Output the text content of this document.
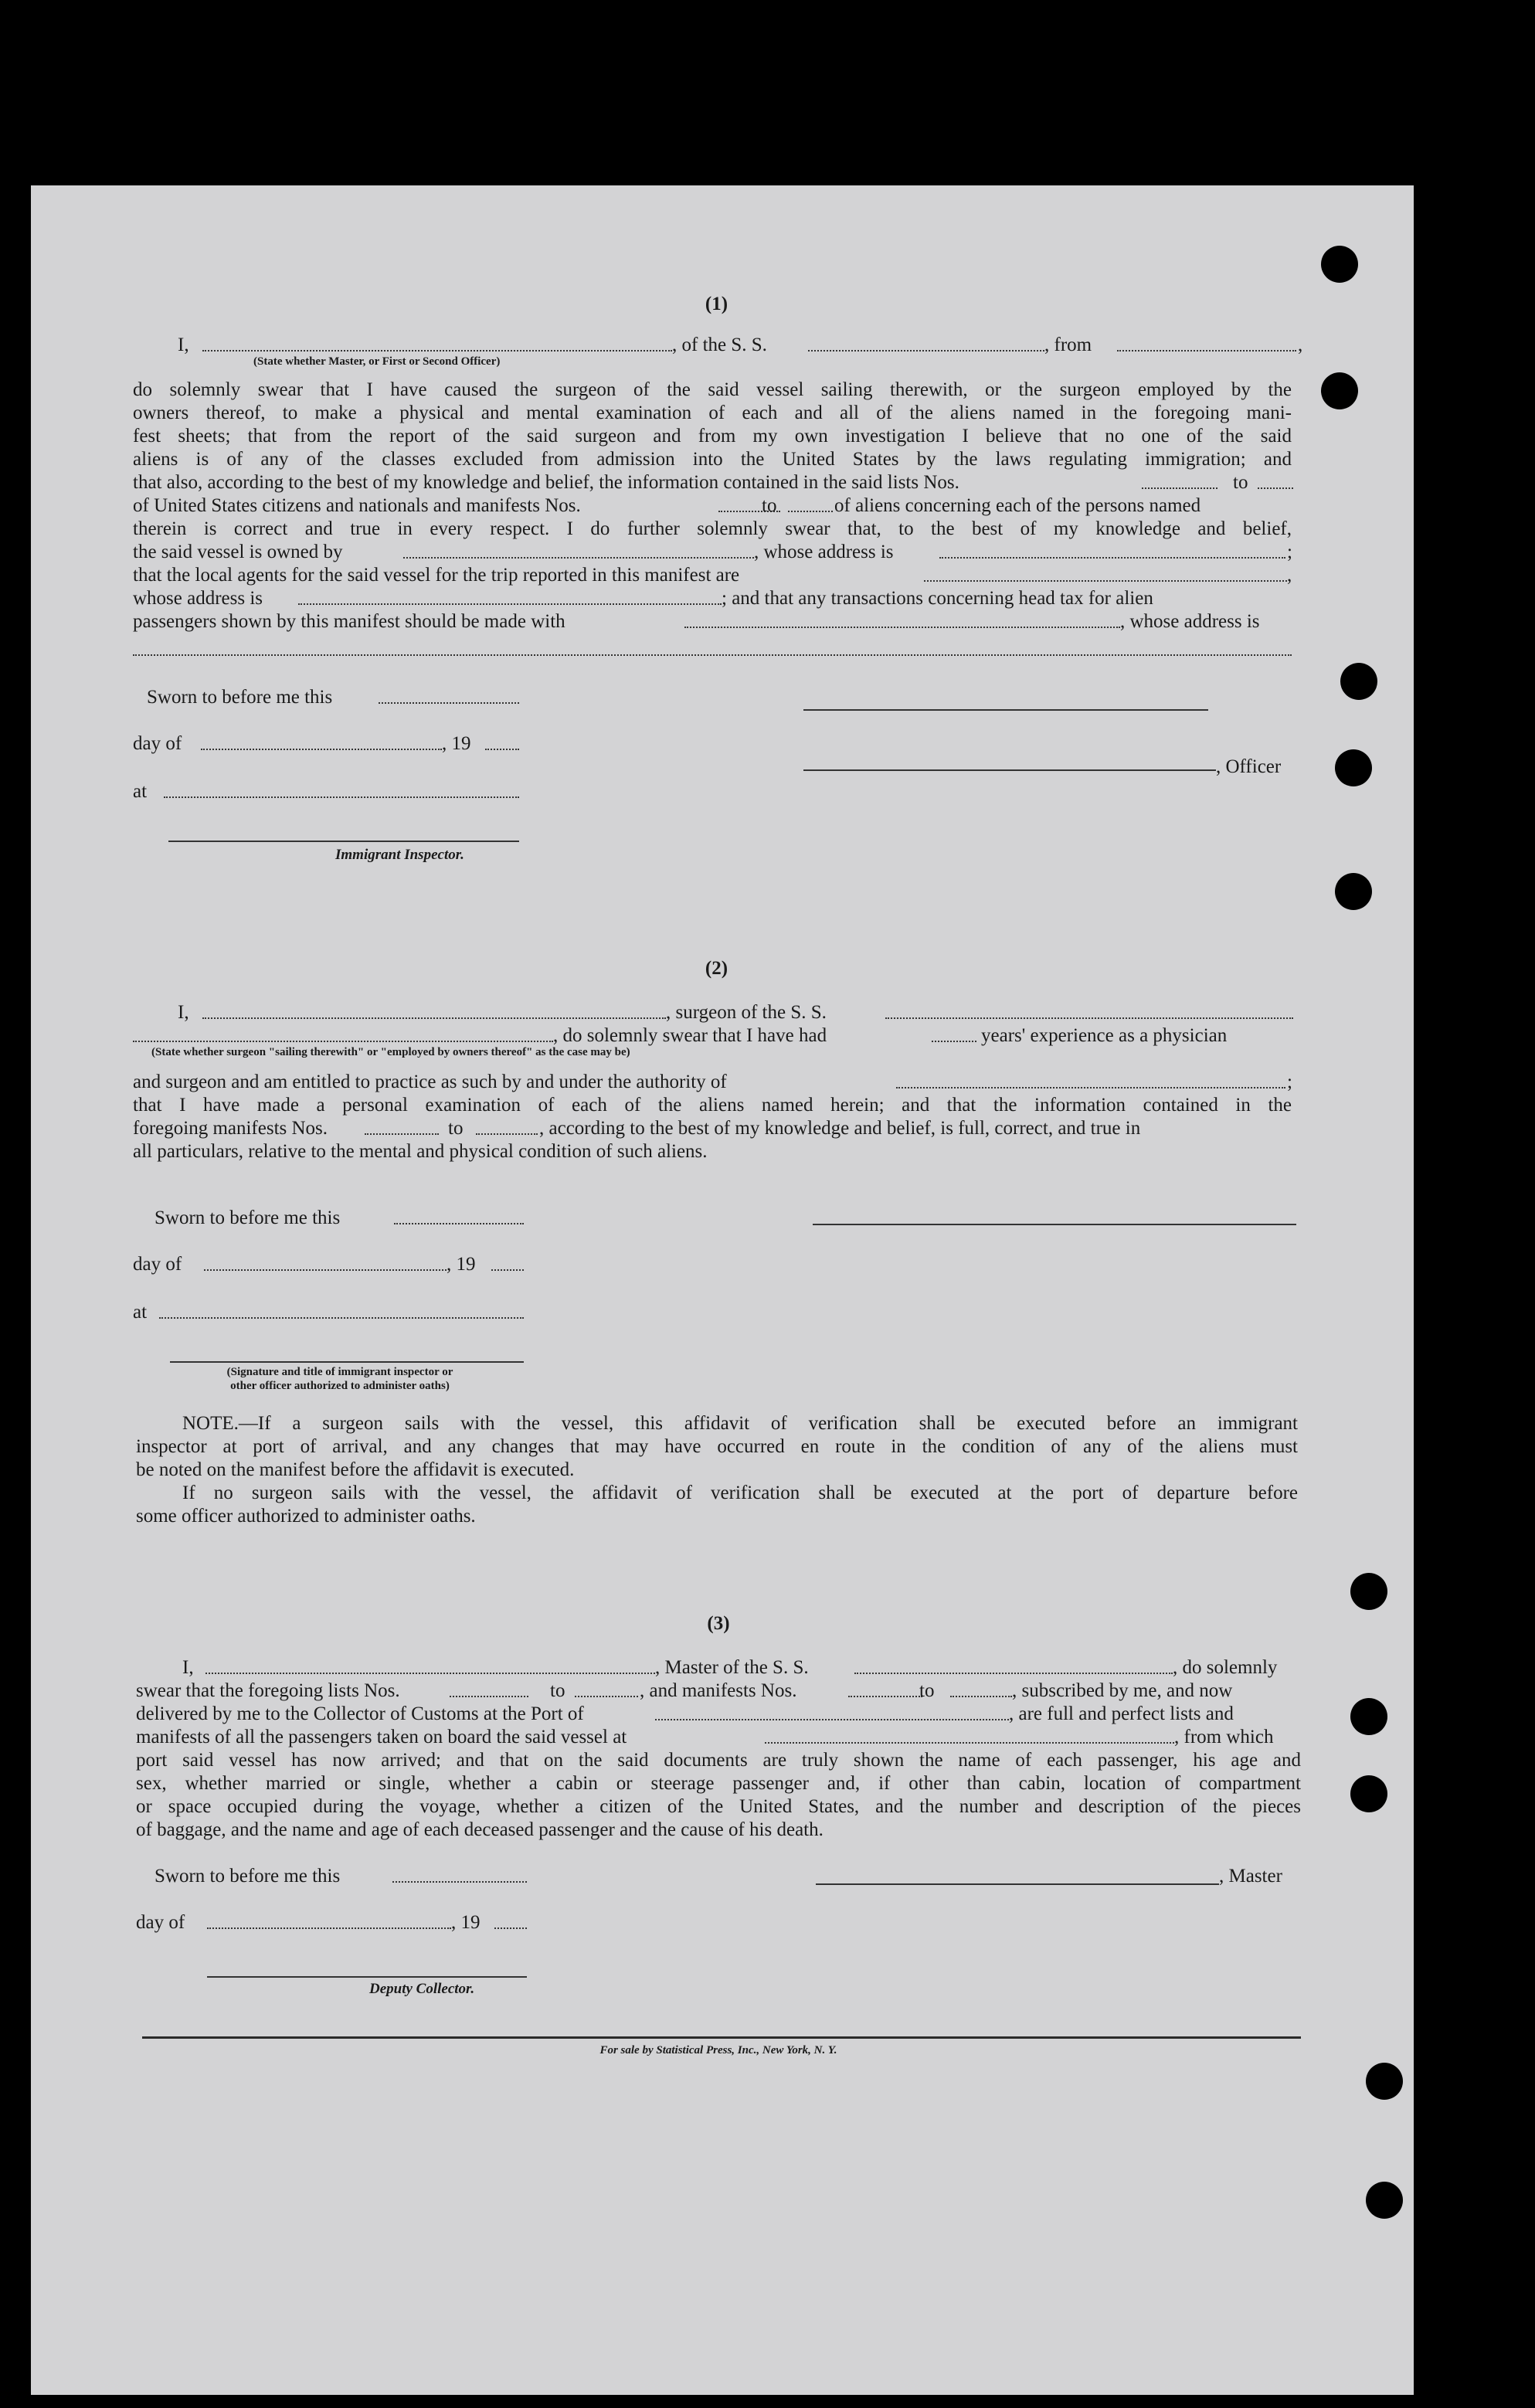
(1)
I,	, of the S. S.	, from	,
(State whether Master, or First or Second Officer)
do solemnly swear that I have caused the surgeon of the said vessel sailing therewith, or the surgeon employed by the
owners thereof, to make a physical and mental examination of each and all of the aliens named in the foregoing mani-
fest sheets; that from the report of the said surgeon and from my own investigation I believe that no one of the said
aliens is of any of the classes excluded from admission into the United States by the laws regulating immigration; and
that also, according to the best of my knowledge and belief, the information contained in the said lists Nos.	to
of United States citizens and nationals and manifests Nos.	to	of aliens concerning each of the persons named
therein is correct and true in every respect. I do further solemnly swear that, to the best of my knowledge and belief,
the said vessel is owned by	, whose address is	;
that the local agents for the said vessel for the trip reported in this manifest are	,
whose address is	; and that any transactions concerning head tax for alien
passengers shown by this manifest should be made with	, whose address is
Sworn to before me this
day of	, 19
at
Immigrant Inspector.
, Officer
(2)
I,	, surgeon of the S. S.
, do solemnly swear that I have had	years' experience as a physician
(State whether surgeon "sailing therewith" or "employed by owners thereof" as the case may be)
and surgeon and am entitled to practice as such by and under the authority of	;
that I have made a personal examination of each of the aliens named herein; and that the information contained in the
foregoing manifests Nos.	to	, according to the best of my knowledge and belief, is full, correct, and true in
all particulars, relative to the mental and physical condition of such aliens.
Sworn to before me this
day of	, 19
at
(Signature and title of immigrant inspector or
other officer authorized to administer oaths)
NOTE.—If a surgeon sails with the vessel, this affidavit of verification shall be executed before an immigrant
inspector at port of arrival, and any changes that may have occurred en route in the condition of any of the aliens must
be noted on the manifest before the affidavit is executed.
If no surgeon sails with the vessel, the affidavit of verification shall be executed at the port of departure before
some officer authorized to administer oaths.
(3)
I,	, Master of the S. S.	, do solemnly
swear that the foregoing lists Nos.	to	, and manifests Nos.	to	, subscribed by me, and now
delivered by me to the Collector of Customs at the Port of	, are full and perfect lists and
manifests of all the passengers taken on board the said vessel at	, from which
port said vessel has now arrived; and that on the said documents are truly shown the name of each passenger, his age and
sex, whether married or single, whether a cabin or steerage passenger and, if other than cabin, location of compartment
or space occupied during the voyage, whether a citizen of the United States, and the number and description of the pieces
of baggage, and the name and age of each deceased passenger and the cause of his death.
Sworn to before me this
day of	, 19
Deputy Collector.
, Master
For sale by Statistical Press, Inc., New York, N. Y.
